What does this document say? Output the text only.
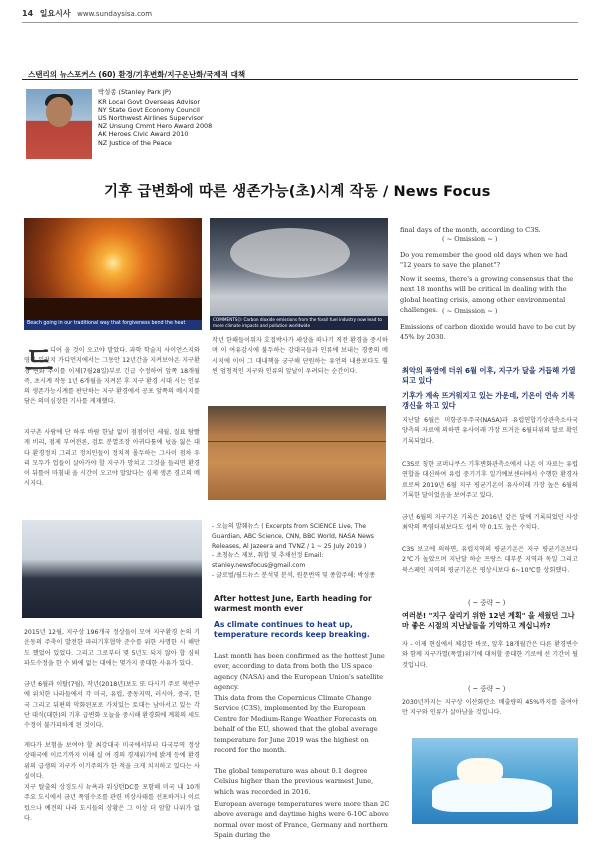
14 일요시사 www.sundaysisa.com
스탠리의 뉴스포커스 (60) 환경/기후변화/지구온난화/국제적 대책
박성종 (Stanley Park JP)
KR Local Govt Overseas Advisor
NY State Govt Economy Council
US Northwest Airlines Supervisor
NZ Unsung Cmmt Hero Award 2008
AK Heroes Civic Award 2010
NZ Justice of the Peace
기후 급변화에 따른 생존가능(초)시계 작동 / News Focus
Beach going in our traditional way that forgiveness bend the heat
COMMENTS(): Carbon dioxide emissions from the fossil fuel industry now lead to more climate impacts and pollution worldwide
드
디어 올 것이 오고야 말았다. 과학 학술지 사이언스지와 영국 일간지 가디언지에서는 그동안 12년간을 지켜보아온 지구환경 변화 추이를 이제(7월28일)부로 긴급 수정하여 앞쪽 18개월 즉, 초시계 작동 1년 6개월을 지켜본 후 지구 환경 시대 시는 인류의 생존가능시계를 판단하는 지구 환경에서 공포 앞쪽의 메시지를 담은 의미심장한 기사를 게재했다.
지구촌 사람에 단 하루 바람 한날 없이 점점이던 세월, 질표 탐빨게 비리, 점제 부여전론, 검토 분열조장 아귀다툼에 넋을 잃은 대다 환경정치 그리고 정치인들이 정치적 몰두하는 그사이 점차 우리 모두가 업들이 살아가야 할 지구가 망쳐고 그것을 들리면 환경이 뒤틀어 마침내 올 시간이 오고야 말았다는 심제 생존 경고의 메시지다.
2015년 12월, 지구상 196개국 정상들이 모여 지구환경 논의 기 운동의 주축이 발전한 파리기후협약 준수를 위한 사명한 시 해만도 했었어 있었다. 그리고 그로부터 몇 5년도 되지 않아 합 심히 파도수정을 한 수 봐에 없는 대에는 몇가지 중대한 사유가 있다.
금년 6월과 이탈(7월), 작년(2018년)보도 또 다시기 주로 북반구에 위치한 나라들에서 각 미국, 유럽, 중동지역, 러시아, 중국, 한국 그리고 뒤편의 악화된포로 가치있는 토대는 남아서고 있는 각단 대식(대한)의 기후 급변화 오늘을 중시해 환경회에 계획의 세도수정이 불가피하게 된 것이다.
게다가 보험을 보여야 할 최강대국 미국에서부터 다국무역 정상 상태국에 이르기까지 이해 실 여 경의 경제위기에 밝게 등에 환경위의 급생의 지구가 이기주의가 한 적을 크게 치지하고 있다는 사실이다.
지구 탈출의 상징도시 뉴욕과 워싱턴DC를 포함해 미국 내 10개 주요 도시에서 금년 폭염수조를 관련 비상사태를 선포하거나 이르렀으나 예견의 나라 도시들의 상황은 그 이상 더 암할 나위가 없다.
작년 한해들이워자 호접박사가 세상을 떠나기 직전 환경을 중시하며 이 여유감시에 불두하는 강대국들과 인류에 보내는 경종의 메시지에 이어 그 대내책을 궁구해 단원하는 유언의 내용보다도 훨씬 엄청적인 지구와 인류의 앞날이 우려되는 순간이다.
- 오늘의 발췌뉴스 ( Excerpts from SCIENCE Live, The Guardian, ABC Science, CNN, BBC World, NASA News Releases, Al Jazeera and TVNZ / 1 ~ 25 July 2019 )
- 초청뉴스 제보, 취합 및 추채선정 Email: stanley.newsfocus@gmail.com
- 글로벌/월드뉴스 분석및 분석, 원문번역 및 종합주해: 박성종
After hottest June, Earth heading for warmest month ever
As climate continues to heat up, temperature records keep breaking.
Last month has been confirmed as the hottest June ever, according to data from both the US space agency (NASA) and the European Union's satellite agency.
This data from the Copernicus Climate Change Service (C3S), implemented by the European Centre for Medium-Range Weather Forecasts on behalf of the EU, showed that the global average temperature for June 2019 was the highest on record for the month.
The global temperature was about 0.1 degree Celsius higher than the previous warmest June, which was recorded in 2016.
European average temperatures were more than 2C above average and daytime highs were 6-10C above normal over most of France, Germany and northern Spain during the
final days of the month, according to C3S.
( ~ Omission ~ )
Do you remember the good old days when we had "12 years to save the planet"?
Now it seems, there's a growing consensus that the next 18 months will be critical in dealing with the global heating crisis, among other environmental challenges. ( ~ Omission ~ )
Emissions of carbon dioxide would have to be cut by 45% by 2030.
최악의 폭염에 더위 6월 이후, 지구가 달을 거듭해 가열되고 있다
기후가 계속 뜨거워지고 있는 가운데, 기온이 연속 기록갱신을 하고 있다
지난달 6월은 미항공우주국(NASA)과 유럽연합기상관측소사국 양측의 자료에 의하면 유사이래 가장 뜨거운 6월더위의 달로 확인 기록되었다.
C3S로 칭한 코퍼니쿠스 기후변화관측소에서 나온 이 자료는 유럽연합을 대신하여 유럽 중기기후 일기예보센터에서 수행한 환경자료로써 2019년 6월 지구 평균기온이 유사이래 가장 높은 6월의 기록한 달이었음을 보여주고 있다.
금년 6월의 지구기온 기록은 2016년 같은 달에 기록되었던 사상 최악의 폭염더위보다도 섭씨 약 0.1도 높은 수치다.
C3S 보고에 의하면, 유럽지역의 평균기온은 지구 평균기온보다 2℃가 높았으며 지난달 하순 프랑스 대부분 지역과 독일 그리고 북스페인 지역의 평균기온은 평상시보다 6~10℃를 상회했다.
( ~ 중략 ~ )
여러분! "지구 살리기 위한 12년 계획" 을 세웠던 그나마 좋은 시절의 지난날들을 기억하고 계십니까?
자 - 이제 현실에서 체감한 바로, 앞후 18개월간은 다른 환경변수와 함께 지구가열(폭열)위기에 대처할 중대한 기로에 선 기간이 될 것입니다.
( ~ 중략 ~ )
2030년까지는 지구상 이산화탄소 배출량의 45%까지를 줄여야만 지구와 인류가 살아남을 것입니다.
